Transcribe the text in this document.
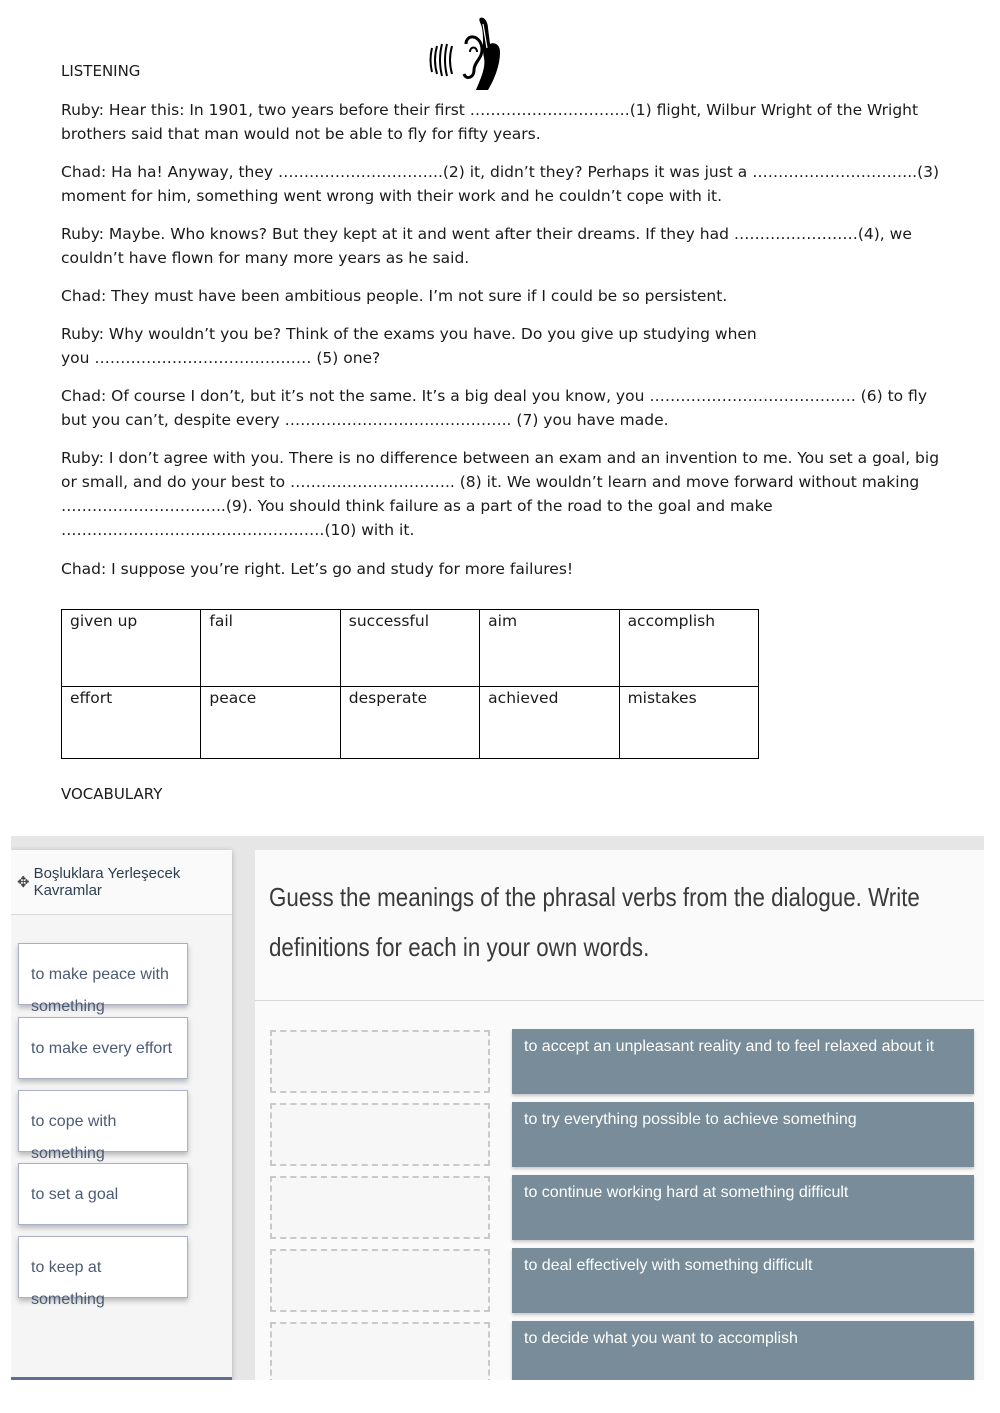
LISTENING

Ruby: Hear this: In 1901, two years before their first ………………………….(1) flight, Wilbur Wright of the Wright brothers said that man would not be able to fly for fifty years.

Chad: Ha ha! Anyway, they …………………………..(2) it, didn’t they? Perhaps it was just a …………………………..(3) moment for him, something went wrong with their work and he couldn’t cope with it.

Ruby: Maybe. Who knows? But they kept at it and went after their dreams. If they had ……………………(4), we couldn’t have flown for many more years as he said.

Chad: They must have been ambitious people. I’m not sure if I could be so persistent.

Ruby: Why wouldn’t you be? Think of the exams you have. Do you give up studying when you …………………………………… (5) one?

Chad: Of course I don’t, but it’s not the same. It’s a big deal you know, you …………………………………. (6) to fly but you can’t, despite every …………………………………….. (7) you have made.

Ruby: I don’t agree with you. There is no difference between an exam and an invention to me. You set a goal, big or small, and do your best to ………………………….. (8) it. We wouldn’t learn and move forward without making …………………………..(9). You should think failure as a part of the road to the goal and make ……………………………………………(10) with it.

Chad: I suppose you’re right. Let’s go and study for more failures!

given up	fail	successful	aim	accomplish
effort	peace	desperate	achieved	mistakes
VOCABULARY
✥
Boşluklara Yerleşecek Kavramlar
to make peace with something
to make every effort
to cope with something
to set a goal
to keep at something
Guess the meanings of the phrasal verbs from the dialogue. Write definitions for each in your own words.
to accept an unpleasant reality and to feel relaxed about it
to try everything possible to achieve something
to continue working hard at something difficult
to deal effectively with something difficult
to decide what you want to accomplish
